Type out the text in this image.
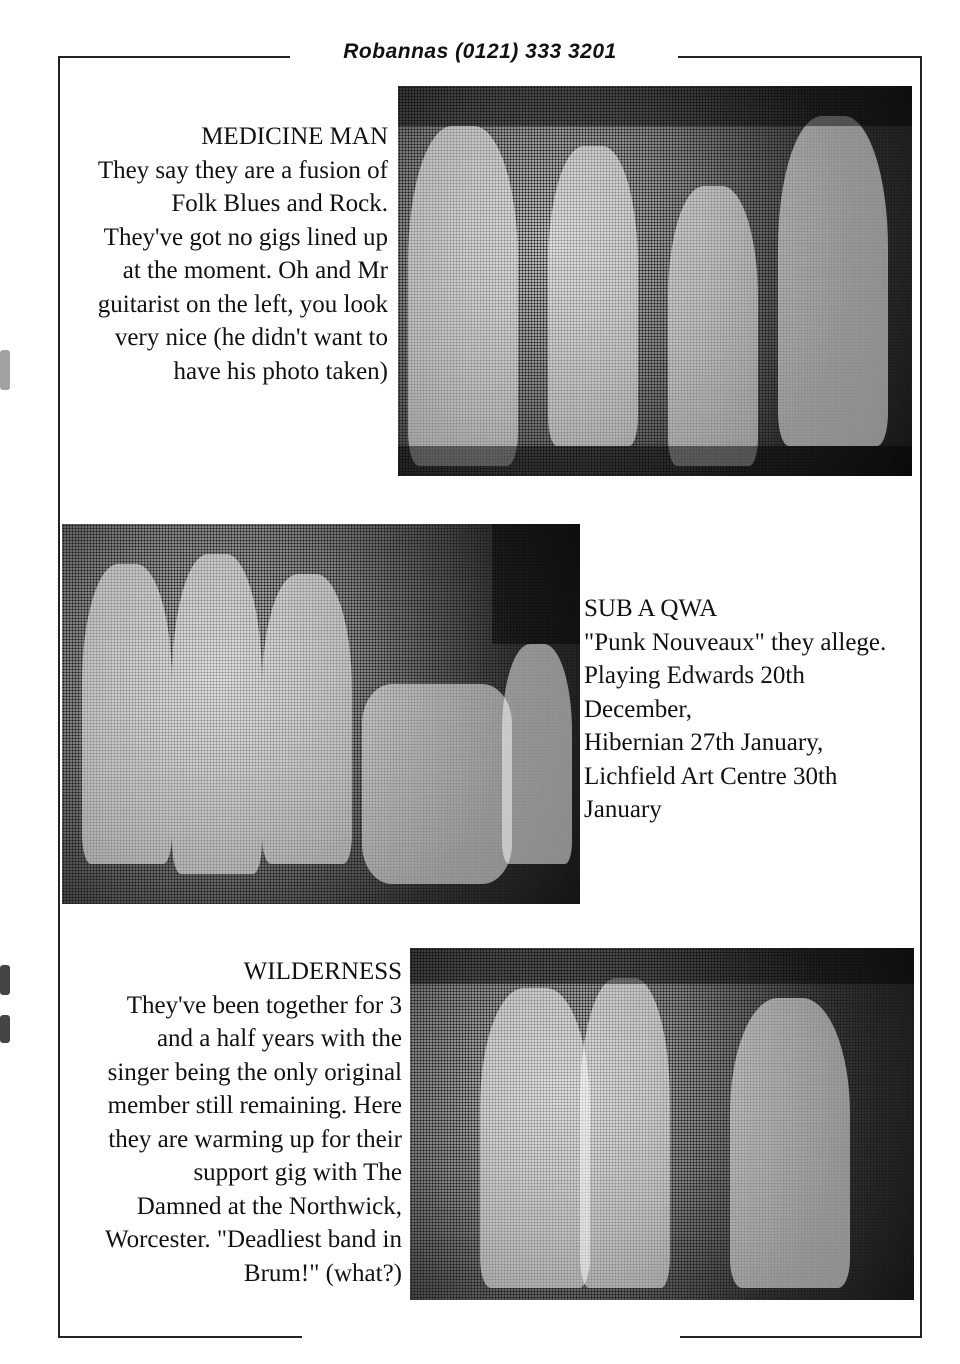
Robannas (0121) 333 3201
MEDICINE MAN
They say they are a fusion of
Folk Blues and Rock.
They've got no gigs lined up
at the moment. Oh and Mr
guitarist on the left, you look
very nice (he didn't want to
have his photo taken)
SUB A QWA
"Punk Nouveaux" they allege.
Playing Edwards 20th
December,
Hibernian 27th January,
Lichfield Art Centre 30th
January
WILDERNESS
They've been together for 3
and a half years with the
singer being the only original
member still remaining. Here
they are warming up for their
support gig with The
Damned at the Northwick,
Worcester. "Deadliest band in
Brum!" (what?)
